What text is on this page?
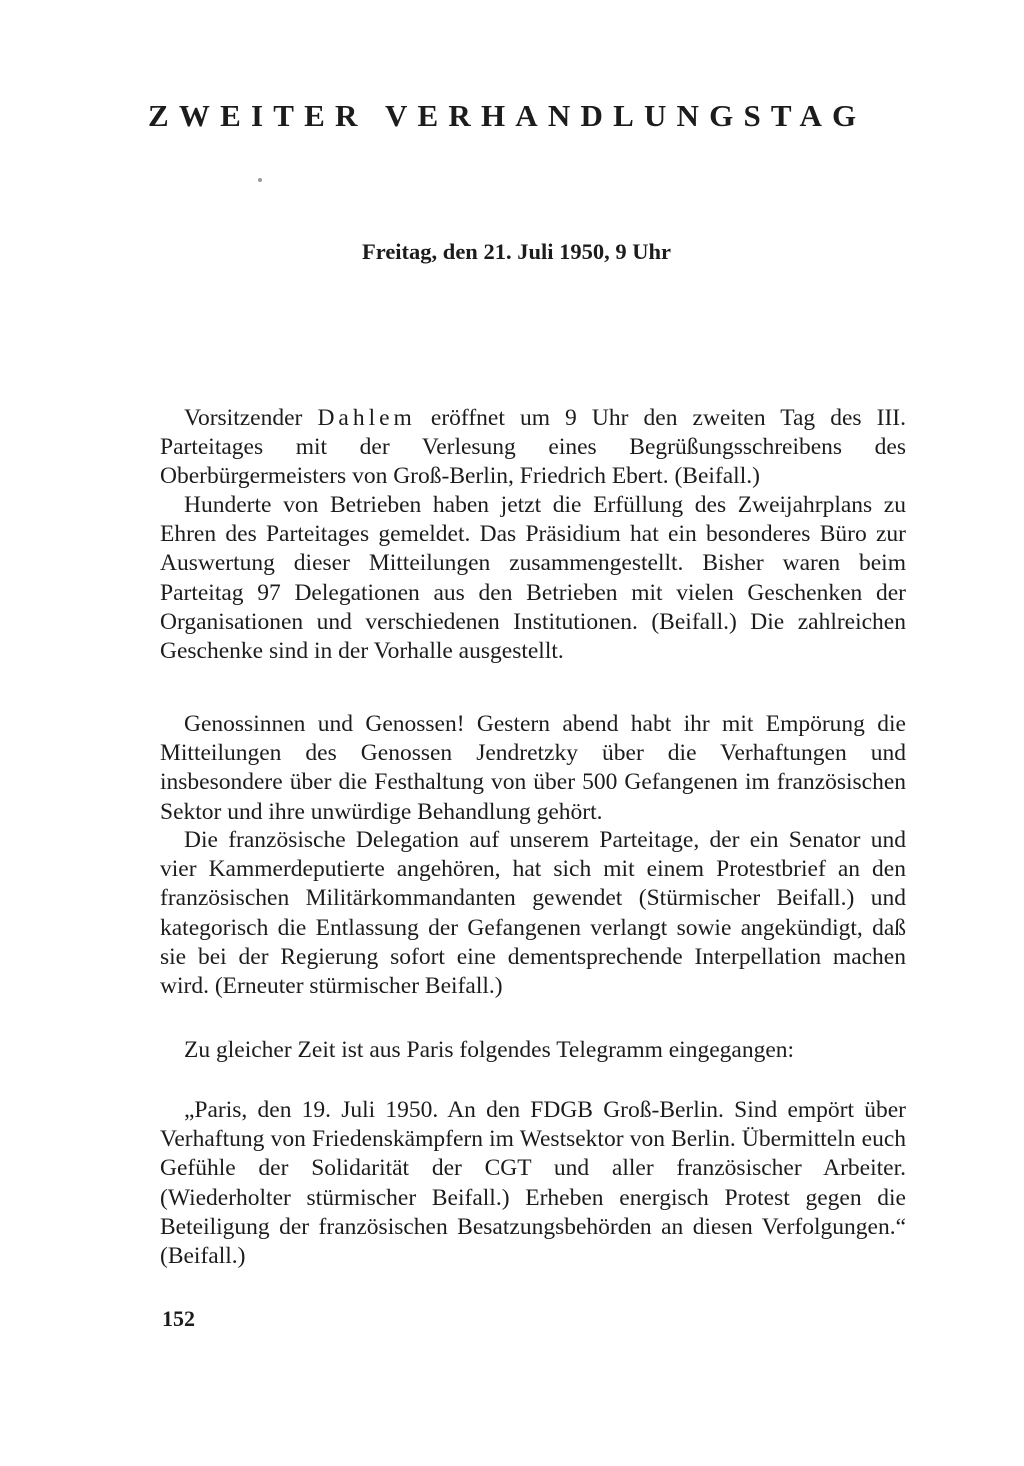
ZWEITER VERHANDLUNGSTAG

Freitag, den 21. Juli 1950, 9 Uhr

Vorsitzender Dahlem eröffnet um 9 Uhr den zweiten Tag des III. Parteitages mit der Verlesung eines Begrüßungsschreibens des Oberbürgermeisters von Groß-Berlin, Friedrich Ebert. (Beifall.)

Hunderte von Betrieben haben jetzt die Erfüllung des Zweijahrplans zu Ehren des Parteitages gemeldet. Das Präsidium hat ein besonderes Büro zur Auswertung dieser Mitteilungen zusammengestellt. Bisher waren beim Parteitag 97 Delegationen aus den Betrieben mit vielen Geschenken der Organisationen und verschiedenen Institutionen. (Beifall.) Die zahlreichen Geschenke sind in der Vorhalle ausgestellt.

Genossinnen und Genossen! Gestern abend habt ihr mit Empörung die Mitteilungen des Genossen Jendretzky über die Verhaftungen und insbesondere über die Festhaltung von über 500 Gefangenen im französischen Sektor und ihre unwürdige Behandlung gehört.

Die französische Delegation auf unserem Parteitage, der ein Senator und vier Kammerdeputierte angehören, hat sich mit einem Protestbrief an den französischen Militärkommandanten gewendet (Stürmischer Beifall.) und kategorisch die Entlassung der Gefangenen verlangt sowie angekündigt, daß sie bei der Regierung sofort eine dementsprechende Interpellation machen wird. (Erneuter stürmischer Beifall.)

Zu gleicher Zeit ist aus Paris folgendes Telegramm eingegangen:

„Paris, den 19. Juli 1950. An den FDGB Groß-Berlin. Sind empört über Verhaftung von Friedenskämpfern im Westsektor von Berlin. Übermitteln euch Gefühle der Solidarität der CGT und aller französischer Arbeiter. (Wiederholter stürmischer Beifall.) Erheben energisch Protest gegen die Beteiligung der französischen Besatzungsbehörden an diesen Verfolgungen.“ (Beifall.)

152
